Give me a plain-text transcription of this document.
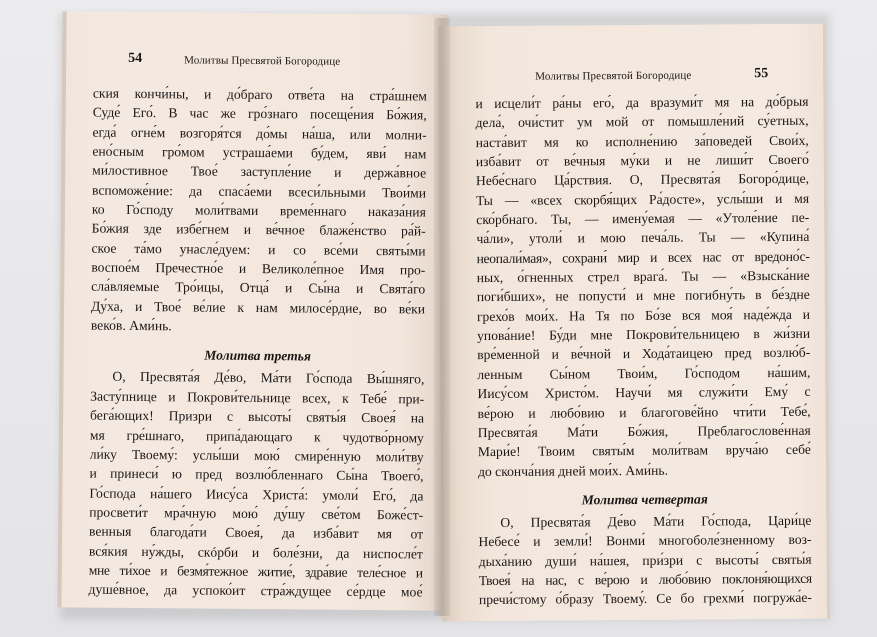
54	Молитвы Пресвятой Богородице
ския кончи́ны, и до́браго отве́та на стра́шнем
Суде́ Его́. В час же гро́знаго посеще́ния Бо́жия,
егда́ огне́м возгоря́тся до́мы на́ша, или молни-
ено́сным гро́мом устраша́еми бу́дем, яви́ нам
ми́лостивное Твое́ заступле́ние и держа́вное
вспоможе́ние: да спаса́еми всеси́льными Твои́ми
ко Го́споду моли́твами време́ннаго наказа́ния
Бо́жия зде избе́гнем и ве́чное блаже́нство ра́й-
ское та́мо унасле́дуем: и со все́ми святы́ми
воспое́м Пречестно́е и Великоле́пное Имя про-
сла́вляемые Тро́ицы, Отца́ и Сы́на и Свята́го
Ду́ха, и Твое́ ве́лие к нам милосе́рдие, во ве́ки
веко́в. Ами́нь.
Молитва третья
О, Пресвята́я Де́во, Ма́ти Го́спода Вы́шняго,
Засту́пнице и Покрови́тельнице всех, к Тебе́ при-
бега́ющих! Призри с высоты́ святы́я Своея́ на
мя гре́шнаго, припа́дающаго к чудотво́рному
ли́ку Твоему́: услы́ши мою́ смире́нную моли́тву
и принеси́ ю пред возлю́бленнаго Сы́на Твоего́,
Го́спода на́шего Иису́са Христа́: умоли́ Его́, да
просвети́т мра́чную мою́ ду́шу све́том Боже́ст-
венныя благода́ти Своея́, да изба́вит мя от
вся́кия ну́жды, скóрби и боле́зни, да ниспосле́т
мне ти́хое и безмя́тежное житие́, здра́вие теле́сное и
душе́вное, да успоко́ит стра́ждущее се́рдце мое́
Молитвы Пресвятой Богородице	55
и исцели́т ра́ны его́, да вразуми́т мя на до́брыя
дела́, очи́стит ум мой от помышле́ний су́етных,
наста́вит мя ко исполне́нию за́поведей Свои́х,
изба́вит от ве́чныя му́ки и не лиши́т Своего́
Небе́снаго Ца́рствия. О, Пресвята́я Богоро́дице,
Ты — «всех скорбя́щих Ра́досте», услы́ши и мя
ско́рбнаго. Ты, — имену́емая — «Утоле́ние пе-
ча́ли», утоли́ и мою печа́ль. Ты — «Купина́
неопали́мая», сохрани́ мир и всех нас от вредоно́с-
ных, о́гненных стрел врага́. Ты — «Взыска́ние
поги́бших», не попусти́ и мне погибну́ть в бе́здне
грехо́в мои́х. На Тя по Бо́зе вся моя́ наде́жда и
упова́ние! Бу́ди мне Покрови́тельницею в жи́зни
вре́менной и ве́чной и Хода́таицею пред возлю́б-
ленным Сы́ном Твои́м, Го́сподом на́шим,
Иису́сом Христо́м. Научи́ мя служи́ти Ему́ с
ве́рою и любо́вию и благогове́йно чти́ти Тебе́,
Пресвята́я Ма́ти Бо́жия, Преблагослове́нная
Мари́е! Твоим святы́м моли́твам вруча́ю себе́
до сконча́ния дней мои́х. Ами́нь.
Молитва четвертая
О, Пресвята́я Де́во Ма́ти Го́спода, Цари́це
Небесе́ и земли́! Вонми́ многоболе́зненному воз-
дыха́нию души́ на́шея, при́зри с высоты́ святы́я
Твоея́ на нас, с ве́рою и любо́вию поклоня́ющихся
пречи́стому о́бразу Твоему́. Се бо грехми́ погружа́е-
